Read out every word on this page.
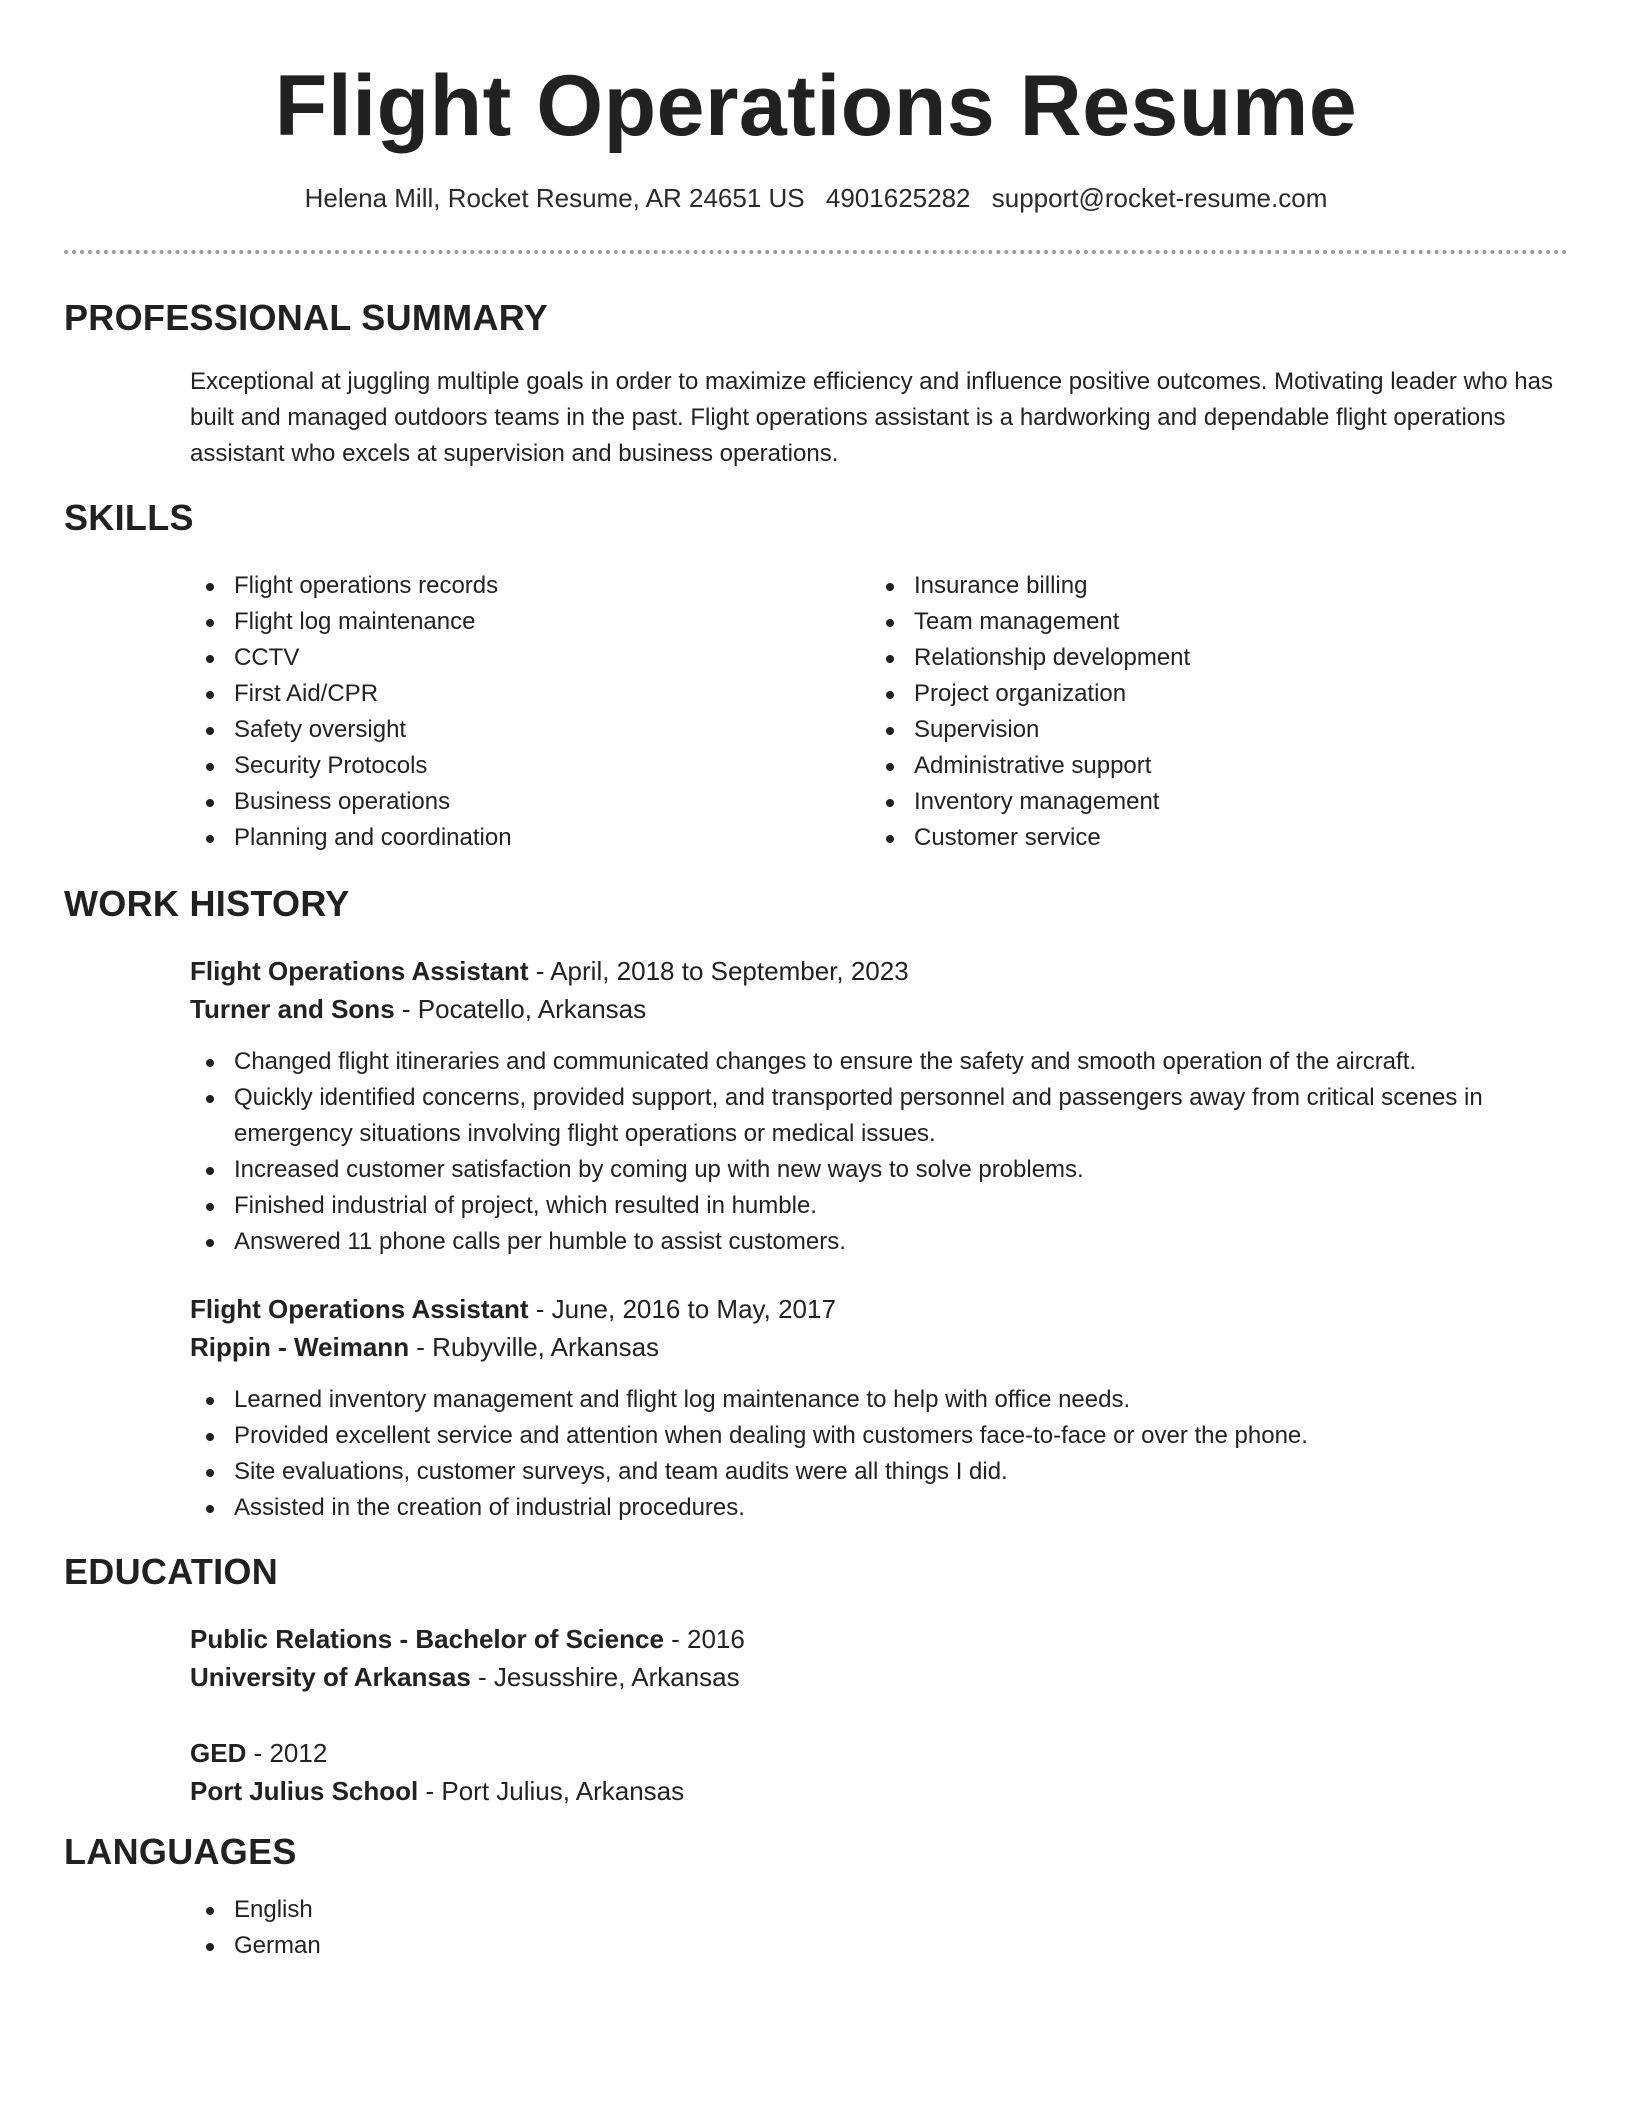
Flight Operations Resume
Helena Mill, Rocket Resume, AR 24651 US 4901625282 support@rocket-resume.com
PROFESSIONAL SUMMARY

Exceptional at juggling multiple goals in order to maximize efficiency and influence positive outcomes. Motivating leader who has built and managed outdoors teams in the past. Flight operations assistant is a hardworking and dependable flight operations assistant who excels at supervision and business operations.

SKILLS
Flight operations records
Flight log maintenance
CCTV
First Aid/CPR
Safety oversight
Security Protocols
Business operations
Planning and coordination
Insurance billing
Team management
Relationship development
Project organization
Supervision
Administrative support
Inventory management
Customer service
WORK HISTORY
Flight Operations Assistant - April, 2018 to September, 2023
Turner and Sons - Pocatello, Arkansas
Changed flight itineraries and communicated changes to ensure the safety and smooth operation of the aircraft.
Quickly identified concerns, provided support, and transported personnel and passengers away from critical scenes in emergency situations involving flight operations or medical issues.
Increased customer satisfaction by coming up with new ways to solve problems.
Finished industrial of project, which resulted in humble.
Answered 11 phone calls per humble to assist customers.
Flight Operations Assistant - June, 2016 to May, 2017
Rippin - Weimann - Rubyville, Arkansas
Learned inventory management and flight log maintenance to help with office needs.
Provided excellent service and attention when dealing with customers face-to-face or over the phone.
Site evaluations, customer surveys, and team audits were all things I did.
Assisted in the creation of industrial procedures.
EDUCATION
Public Relations - Bachelor of Science - 2016
University of Arkansas - Jesusshire, Arkansas
GED - 2012
Port Julius School - Port Julius, Arkansas
LANGUAGES
English
German
